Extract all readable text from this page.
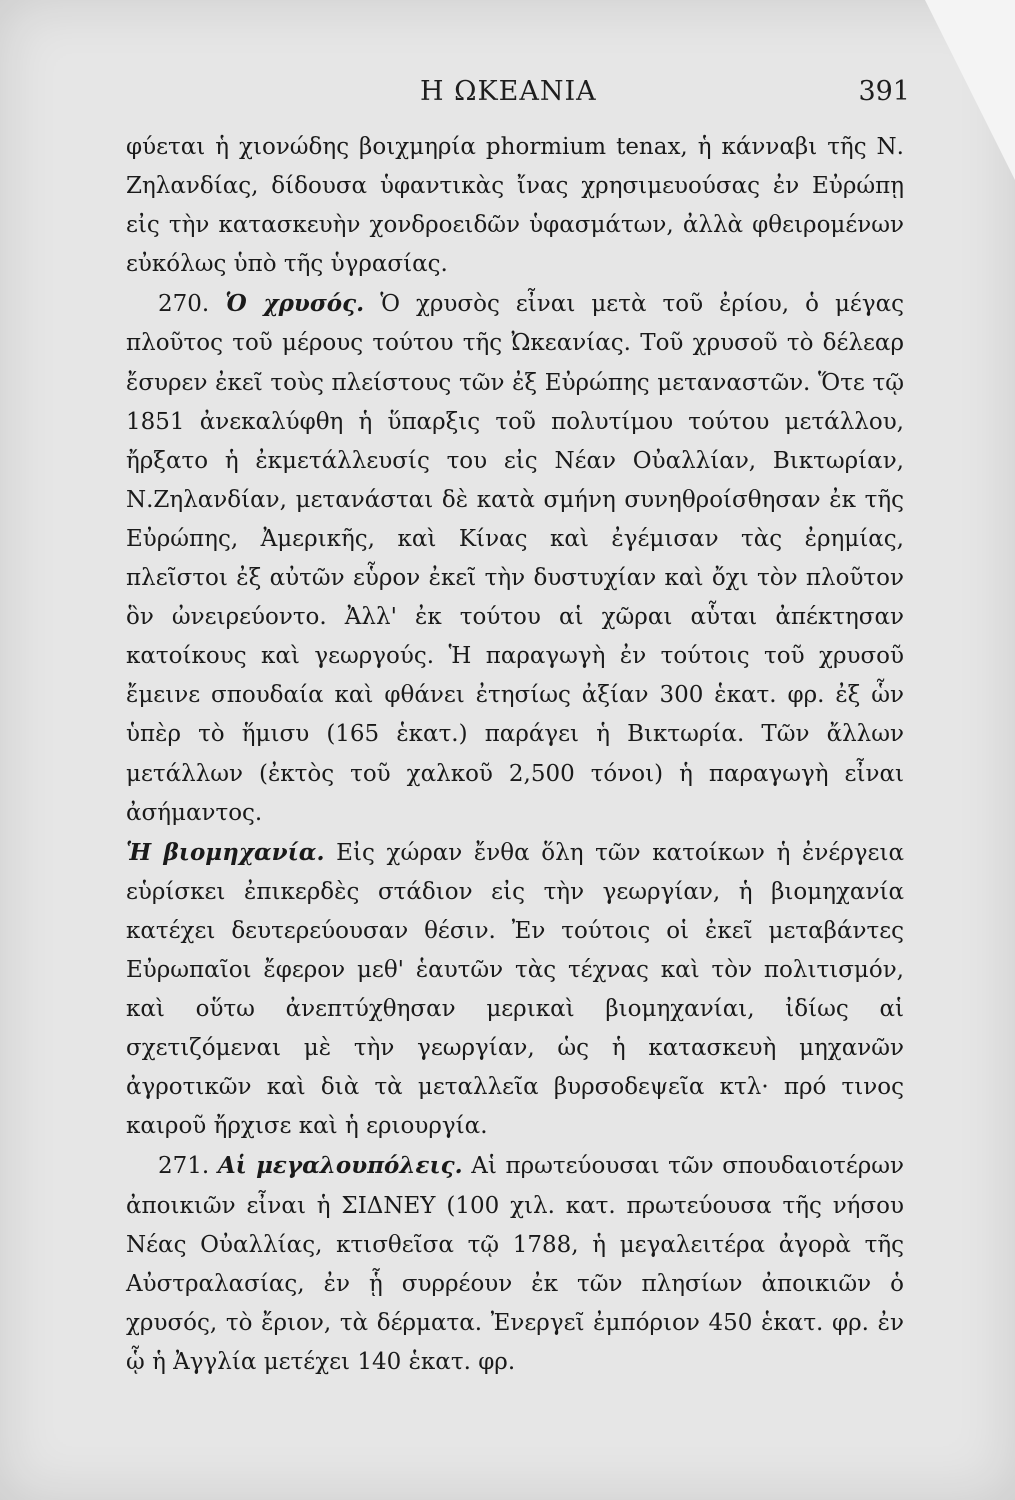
Η ΩΚΕΑΝΙΑ	391

φύεται ἡ χιονώδης βοιχμηρία phormium tenax, ἡ κάνναβι τῆς Ν. Ζηλανδίας, δίδουσα ὑφαντικὰς ἴνας χρησιμευούσας ἐν Εὐρώπῃ εἰς τὴν κατασκευὴν χονδροειδῶν ὑφασμάτων, ἀλλὰ φθειρομένων εὐκόλως ὑπὸ τῆς ὑγρασίας.

270. Ὁ χρυσός. Ὁ χρυσὸς εἶναι μετὰ τοῦ ἐρίου, ὁ μέγας πλοῦτος τοῦ μέρους τούτου τῆς Ὠκεανίας. Τοῦ χρυσοῦ τὸ δέλεαρ ἔσυρεν ἐκεῖ τοὺς πλείστους τῶν ἐξ Εὐρώπης μεταναστῶν. Ὅτε τῷ 1851 ἀνεκαλύφθη ἡ ὕπαρξις τοῦ πολυτίμου τούτου μετάλλου, ἤρξατο ἡ ἐκμετάλλευσίς του εἰς Νέαν Οὐαλλίαν, Βικτωρίαν, Ν.Ζηλανδίαν, μετανάσται δὲ κατὰ σμήνη συνηθροίσθησαν ἐκ τῆς Εὐρώπης, Ἀμερικῆς, καὶ Κίνας καὶ ἐγέμισαν τὰς ἐρημίας, πλεῖστοι ἐξ αὐτῶν εὗρον ἐκεῖ τὴν δυστυχίαν καὶ ὄχι τὸν πλοῦτον ὃν ὠνειρεύοντο. Ἀλλ' ἐκ τούτου αἱ χῶραι αὗται ἀπέκτησαν κατοίκους καὶ γεωργούς. Ἡ παραγωγὴ ἐν τούτοις τοῦ χρυσοῦ ἔμεινε σπουδαία καὶ φθάνει ἐτησίως ἀξίαν 300 ἑκατ. φρ. ἐξ ὧν ὑπὲρ τὸ ἥμισυ (165 ἑκατ.) παράγει ἡ Βικτωρία. Τῶν ἄλλων μετάλλων (ἐκτὸς τοῦ χαλκοῦ 2,500 τόνοι) ἡ παραγωγὴ εἶναι ἀσήμαντος.

Ἡ βιομηχανία. Εἰς χώραν ἔνθα ὅλη τῶν κατοίκων ἡ ἐνέργεια εὑρίσκει ἐπικερδὲς στάδιον εἰς τὴν γεωργίαν, ἡ βιομηχανία κατέχει δευτερεύουσαν θέσιν. Ἐν τούτοις οἱ ἐκεῖ μεταβάντες Εὐρωπαῖοι ἔφερον μεθ' ἑαυτῶν τὰς τέχνας καὶ τὸν πολιτισμόν, καὶ οὕτω ἀνεπτύχθησαν μερικαὶ βιομηχανίαι, ἰδίως αἱ σχετιζόμεναι μὲ τὴν γεωργίαν, ὡς ἡ κατασκευὴ μηχανῶν ἀγροτικῶν καὶ διὰ τὰ μεταλλεῖα βυρσοδεψεῖα κτλ· πρό τινος καιροῦ ἤρχισε καὶ ἡ εριουργία.

271. Αἱ μεγαλουπόλεις. Αἱ πρωτεύουσαι τῶν σπουδαιοτέρων ἀποικιῶν εἶναι ἡ ΣΙΔΝΕΥ (100 χιλ. κατ. πρωτεύουσα τῆς νήσου Νέας Οὐαλλίας, κτισθεῖσα τῷ 1788, ἡ μεγαλειτέρα ἀγορὰ τῆς Αὐστραλασίας, ἐν ᾗ συρρέουν ἐκ τῶν πλησίων ἀποικιῶν ὁ χρυσός, τὸ ἔριον, τὰ δέρματα. Ἐνεργεῖ ἐμπόριον 450 ἑκατ. φρ. ἐν ᾧ ἡ Ἀγγλία μετέχει 140 ἑκατ. φρ.
